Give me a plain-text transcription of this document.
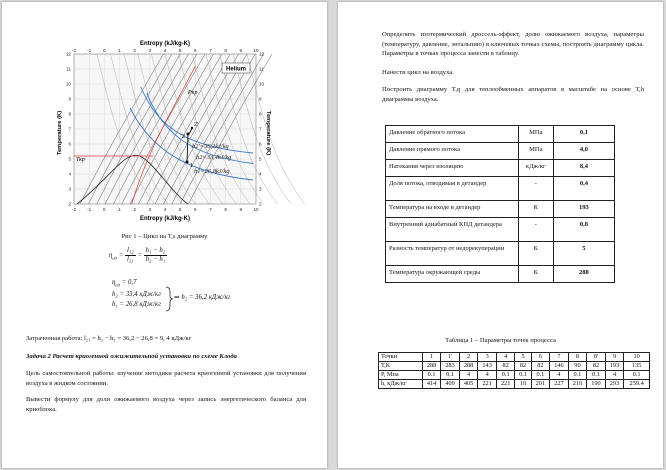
Entropy (kJ/kg-K)
Entropy (kJ/kg-K)
Temperature (K)	Temperature (K)
-2 -1	0	1	2	3	4	5	6	7	8	9 10
-2 -1	0	1	2	3	4	5	6	7	8	9 10
12
11
10
9
8
7
6
5
4
3
2
12
11
10
9
8
7
6
5
4
3
2
Helium
Pкр
Ткр
h2'=36,2kJ/kg
h2=33,4kJ/kg
h1=26,8kJ/kg
2
1
2'
Рис 1 – Цикл на T,s диаграмму
$\eta_{ад} = \frac{\text{l₁₂}}{\text{l₂₁}} = \frac{\text{h₁ − h₂}}{\text{h₂ − h₁}}$
$\eta_{ад} = 0,7$
h₂ = 33,4 кДж/кг
h₁ = 26,8 кДж/кг
⇒ h₂ = 36,2 кДж/кг
Затраченная работа: l₂₁ = h₂ − h₁ = 36,2 − 26,8 = 9, 4 кДж/кг
Задача 2 Расчет криогенной ожижительной установки по схеме Клода
Цель самостоятельной работы: изучение методики расчета криогенной установки для получения воздуха в жидком состоянии.
Вывести формулу для доли ожижаемого воздуха через запись энергетического баланса для криоблока.
Определить изотермический дроссель-эффект, долю ожижаемого воздуха, параметры (температуру, давление, энтальпию) в ключевых точках схемы, построить диаграмму цикла. Параметры в точках процесса занести в таблицу.
Нанести цикл на воздуха.
Построить диаграмму T,q для теплообменных аппаратов в масштабе на основе T,h диаграммы воздуха.
Давление обратного потока	МПа	0,1
Давление прямого потока	МПа	4,0
Натекания через изоляцию	кДж/кг	8,4
Доля потока, отводимая в детандер	-	0,4
Температура на входе в детандер	К	193
Внутренний адиабатный КПД детандера	-	0,8
Разность температур от недорекуперации	К	5
Температура окружающей среды	К	288
Таблица 1 – Параметры точек процесса
Точки	1	1'	2	3	4	5	6	7	8	8'	9	10
Т,К	288	283	288	143	82	82	82	146	90	82	193	135
Р, Мпа	0.1	0.1	4	4	0.1	0.1	0.1	4	0.1	0.1	4	0.1
h, кДж/кг	414	409	405	221	221	10	201	227	210	190	293	259.4
